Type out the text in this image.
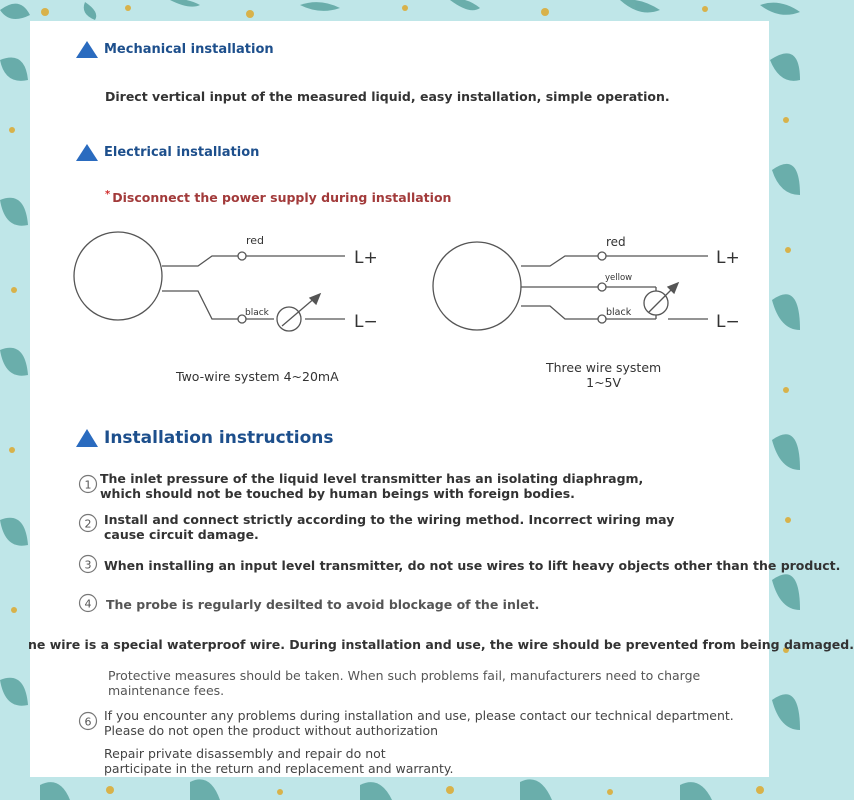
Mechanical installation
Direct vertical input of the measured liquid, easy installation, simple operation.
Electrical installation
* Disconnect the power supply during installation
red
black
L+
L−
red
yellow
black
L+
L−
Two-wire system 4~20mA
Three wire system
1~5V
Installation instructions
1 The inlet pressure of the liquid level transmitter has an isolating diaphragm,
which should not be touched by human beings with foreign bodies.
2 Install and connect strictly according to the wiring method. Incorrect wiring may
cause circuit damage.
3 When installing an input level transmitter, do not use wires to lift heavy objects other than the product.
4 The probe is regularly desilted to avoid blockage of the inlet.
ne wire is a special waterproof wire. During installation and use, the wire should be prevented from being damaged.
Protective measures should be taken. When such problems fail, manufacturers need to charge
maintenance fees.
6 If you encounter any problems during installation and use, please contact our technical department.
Please do not open the product without authorization
Repair private disassembly and repair do not
participate in the return and replacement and warranty.
